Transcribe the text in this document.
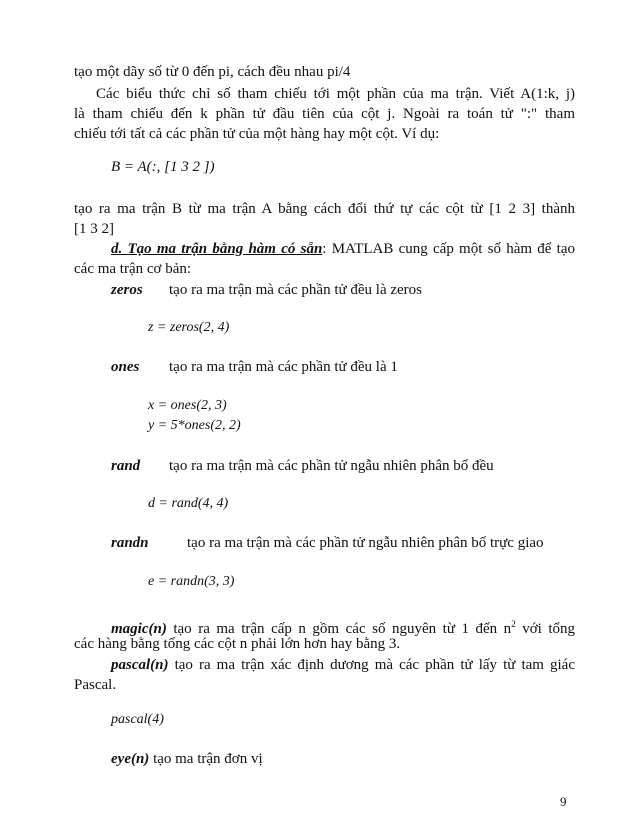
tạo một dãy số từ 0 đến pi, cách đều nhau pi/4
Các biểu thức chỉ số tham chiếu tới một phần của ma trận. Viết A(1:k, j)
là tham chiếu đến k phần tử đầu tiên của cột j. Ngoài ra toán tử ":" tham
chiếu tới tất cả các phần tử của một hàng hay một cột. Ví dụ:
B = A(:, [1 3 2 ])
tạo ra ma trận B từ ma trận A bằng cách đổi thứ tự các cột từ [1 2 3] thành
[1 3 2]
d. Tạo ma trận bằng hàm có sẵn: MATLAB cung cấp một số hàm để tạo
các ma trận cơ bản:
zeros tạo ra ma trận mà các phần tử đều là zeros
z = zeros(2, 4)
ones tạo ra ma trận mà các phần tử đều là 1
x = ones(2, 3)
y = 5*ones(2, 2)
rand tạo ra ma trận mà các phần tử ngẫu nhiên phân bố đều
d = rand(4, 4)
randn	tạo ra ma trận mà các phần tử ngẫu nhiên phân bố trực giao
e = randn(3, 3)
magic(n) tạo ra ma trận cấp n gồm các số nguyên từ 1 đến $n^2$ với tổng
các hàng bằng tổng các cột n phải lớn hơn hay bằng 3.
pascal(n) tạo ra ma trận xác định dương mà các phần tử lấy từ tam giác
Pascal.
pascal(4)
eye(n) tạo ma trận đơn vị
9
